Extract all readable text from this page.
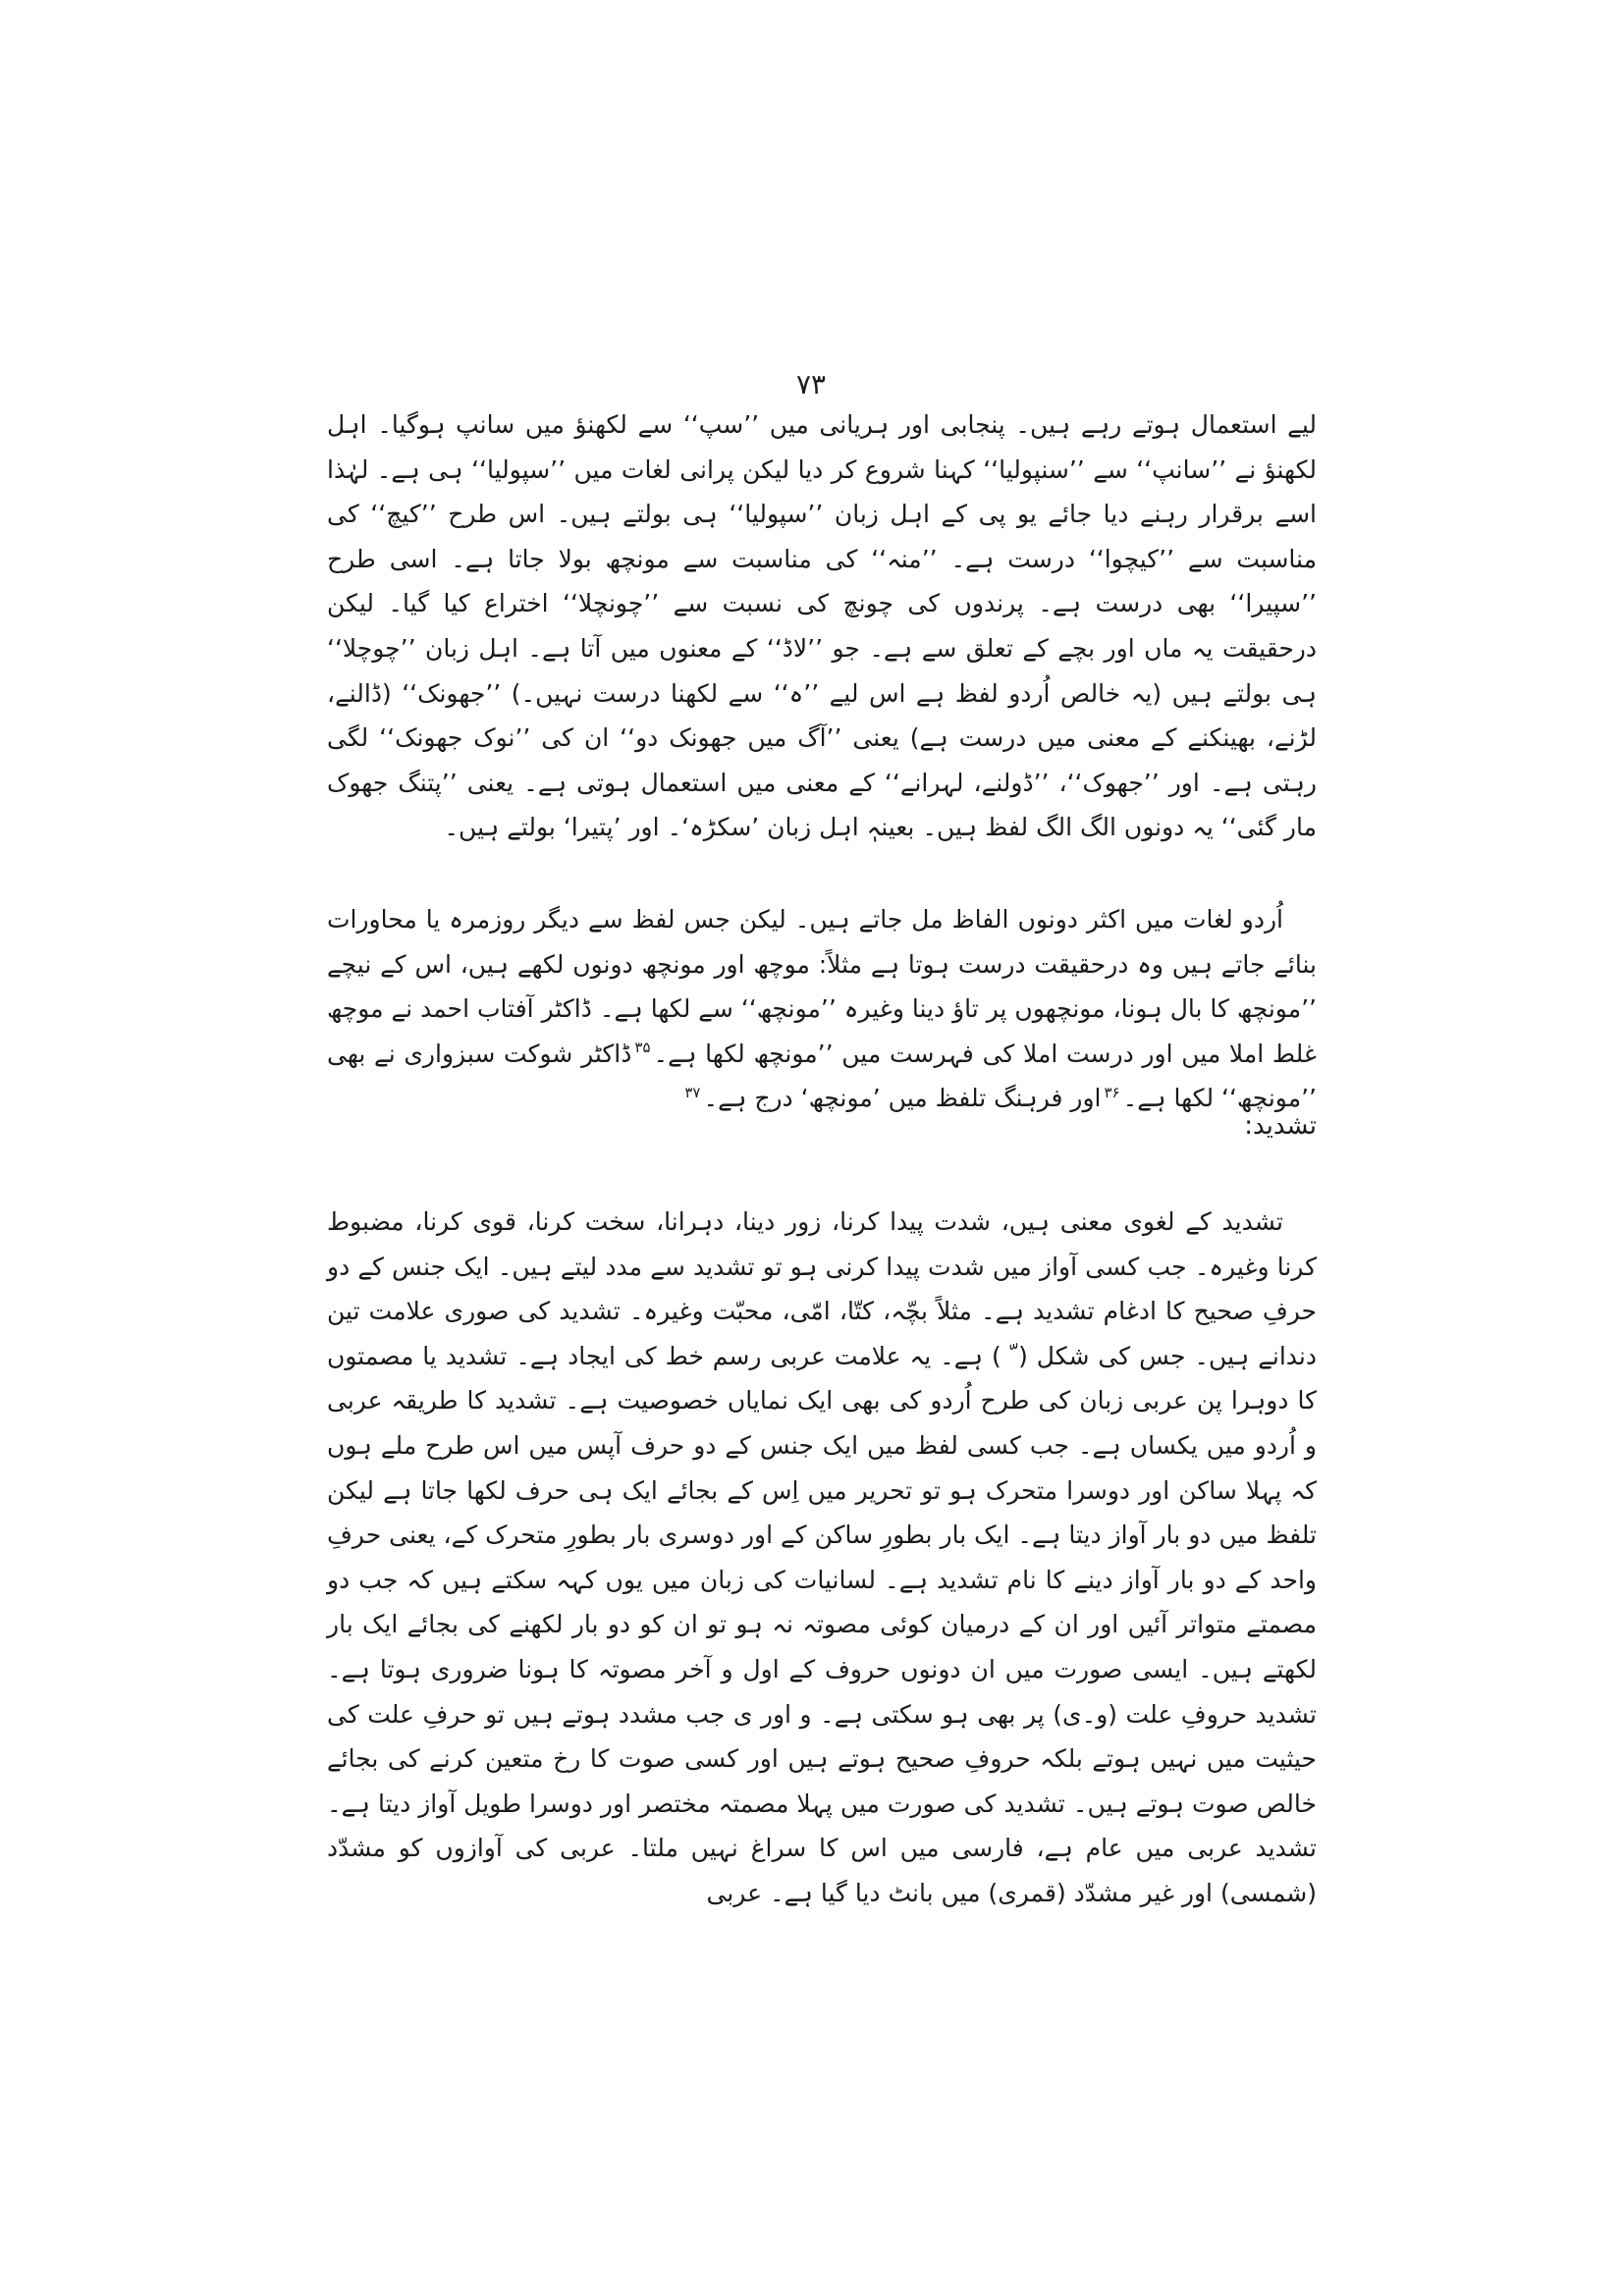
۷۳

لیے استعمال ہوتے رہے ہیں۔ پنجابی اور ہریانی میں ’’سپ‘‘ سے لکھنؤ میں سانپ ہوگیا۔ اہل لکھنؤ نے ’’سانپ‘‘ سے ’’سنپولیا‘‘ کہنا شروع کر دیا لیکن پرانی لغات میں ’’سپولیا‘‘ ہی ہے۔ لہٰذا اسے برقرار رہنے دیا جائے یو پی کے اہل زبان ’’سپولیا‘‘ ہی بولتے ہیں۔ اس طرح ’’کیچ‘‘ کی مناسبت سے ’’کیچوا‘‘ درست ہے۔ ’’منہ‘‘ کی مناسبت سے مونچھ بولا جاتا ہے۔ اسی طرح ’’سپیرا‘‘ بھی درست ہے۔ پرندوں کی چونچ کی نسبت سے ’’چونچلا‘‘ اختراع کیا گیا۔ لیکن درحقیقت یہ ماں اور بچے کے تعلق سے ہے۔ جو ’’لاڈ‘‘ کے معنوں میں آتا ہے۔ اہل زبان ’’چوچلا‘‘ ہی بولتے ہیں (یہ خالص اُردو لفظ ہے اس لیے ’’ہ‘‘ سے لکھنا درست نہیں۔) ’’جھونک‘‘ (ڈالنے، لڑنے، بھینکنے کے معنی میں درست ہے) یعنی ’’آگ میں جھونک دو‘‘ ان کی ’’نوک جھونک‘‘ لگی رہتی ہے۔ اور ’’جھوک‘‘، ’’ڈولنے، لہرانے‘‘ کے معنی میں استعمال ہوتی ہے۔ یعنی ’’پتنگ جھوک مار گئی‘‘ یہ دونوں الگ الگ لفظ ہیں۔ بعینہٖ اہل زبان ’سکڑہ‘۔ اور ’پتیرا‘ بولتے ہیں۔

اُردو لغات میں اکثر دونوں الفاظ مل جاتے ہیں۔ لیکن جس لفظ سے دیگر روزمرہ یا محاورات بنائے جاتے ہیں وہ درحقیقت درست ہوتا ہے مثلاً: موچھ اور مونچھ دونوں لکھے ہیں، اس کے نیچے ’’مونچھ کا بال ہونا، مونچھوں پر تاؤ دینا وغیرہ ’’مونچھ‘‘ سے لکھا ہے۔ ڈاکٹر آفتاب احمد نے موچھ غلط املا میں اور درست املا کی فہرست میں ’’مونچھ لکھا ہے۔$^{۳۵}$ڈاکٹر شوکت سبزواری نے بھی ’’مونچھ‘‘ لکھا ہے۔$^{۳۶}$اور فرہنگ تلفظ میں ’مونچھ‘ درج ہے۔$^{۳۷}$

تشدید:

تشدید کے لغوی معنی ہیں، شدت پیدا کرنا، زور دینا، دہرانا، سخت کرنا، قوی کرنا، مضبوط کرنا وغیرہ۔ جب کسی آواز میں شدت پیدا کرنی ہو تو تشدید سے مدد لیتے ہیں۔ ایک جنس کے دو حرفِ صحیح کا ادغام تشدید ہے۔ مثلاً بچّہ، کتّا، امّی، محبّت وغیرہ۔ تشدید کی صوری علامت تین دندانے ہیں۔ جس کی شکل ( ّ ) ہے۔ یہ علامت عربی رسم خط کی ایجاد ہے۔ تشدید یا مصمتوں کا دوہرا پن عربی زبان کی طرح اُردو کی بھی ایک نمایاں خصوصیت ہے۔ تشدید کا طریقہ عربی و اُردو میں یکساں ہے۔ جب کسی لفظ میں ایک جنس کے دو حرف آپس میں اس طرح ملے ہوں کہ پہلا ساکن اور دوسرا متحرک ہو تو تحریر میں اِس کے بجائے ایک ہی حرف لکھا جاتا ہے لیکن تلفظ میں دو بار آواز دیتا ہے۔ ایک بار بطورِ ساکن کے اور دوسری بار بطورِ متحرک کے، یعنی حرفِ واحد کے دو بار آواز دینے کا نام تشدید ہے۔ لسانیات کی زبان میں یوں کہہ سکتے ہیں کہ جب دو مصمتے متواتر آئیں اور ان کے درمیان کوئی مصوتہ نہ ہو تو ان کو دو بار لکھنے کی بجائے ایک بار لکھتے ہیں۔ ایسی صورت میں ان دونوں حروف کے اول و آخر مصوتہ کا ہونا ضروری ہوتا ہے۔ تشدید حروفِ علت (و۔ی) پر بھی ہو سکتی ہے۔ و اور ی جب مشدد ہوتے ہیں تو حرفِ علت کی حیثیت میں نہیں ہوتے بلکہ حروفِ صحیح ہوتے ہیں اور کسی صوت کا رخ متعین کرنے کی بجائے خالص صوت ہوتے ہیں۔ تشدید کی صورت میں پہلا مصمتہ مختصر اور دوسرا طویل آواز دیتا ہے۔ تشدید عربی میں عام ہے، فارسی میں اس کا سراغ نہیں ملتا۔ عربی کی آوازوں کو مشدّد (شمسی) اور غیر مشدّد (قمری) میں بانٹ دیا گیا ہے۔ عربی
